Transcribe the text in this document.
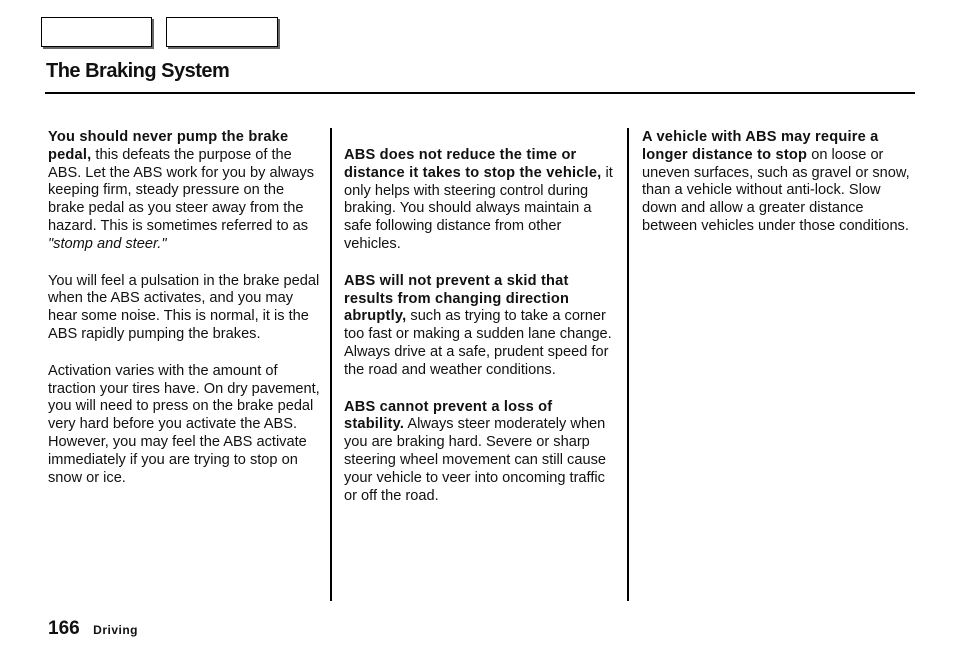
The Braking System

You should never pump the brake pedal, this defeats the purpose of the ABS. Let the ABS work for you by always keeping firm, steady pressure on the brake pedal as you steer away from the hazard. This is sometimes referred to as "stomp and steer."

You will feel a pulsation in the brake pedal when the ABS activates, and you may hear some noise. This is normal, it is the ABS rapidly pumping the brakes.

Activation varies with the amount of traction your tires have. On dry pavement, you will need to press on the brake pedal very hard before you activate the ABS. However, you may feel the ABS activate immediately if you are trying to stop on snow or ice.

ABS does not reduce the time or distance it takes to stop the vehicle, it only helps with steering control during braking. You should always maintain a safe following distance from other vehicles.

ABS will not prevent a skid that results from changing direction abruptly, such as trying to take a corner too fast or making a sudden lane change. Always drive at a safe, prudent speed for the road and weather conditions.

ABS cannot prevent a loss of stability. Always steer moderately when you are braking hard. Severe or sharp steering wheel movement can still cause your vehicle to veer into oncoming traffic or off the road.

A vehicle with ABS may require a longer distance to stop on loose or uneven surfaces, such as gravel or snow, than a vehicle without anti-lock. Slow down and allow a greater distance between vehicles under those conditions.

166 Driving
